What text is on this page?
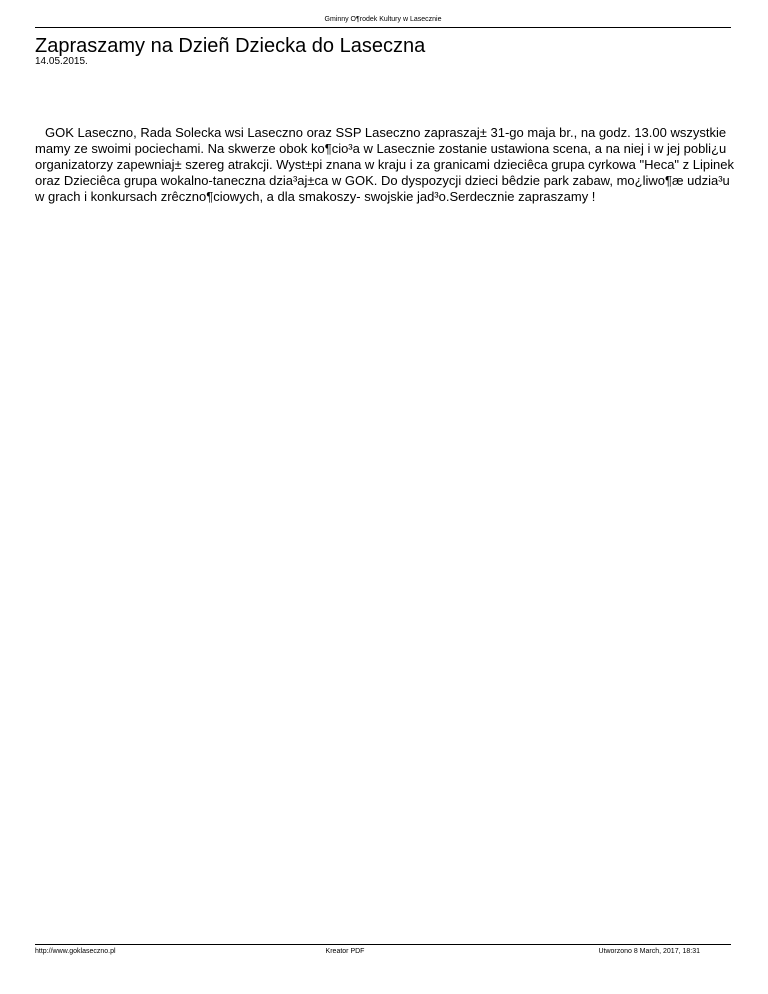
Gminny O¶rodek Kultury w Lasecznie
Zapraszamy na Dzieñ Dziecka do Laseczna
14.05.2015.

GOK Laseczno, Rada Solecka wsi Laseczno oraz SSP Laseczno zapraszaj± 31-go maja br., na godz. 13.00 wszystkie mamy ze swoimi pociechami. Na skwerze obok ko¶cio³a w Lasecznie zostanie ustawiona scena, a na niej i w jej pobli¿u organizatorzy zapewniaj± szereg atrakcji. Wyst±pi znana w kraju i za granicami dzieciêca grupa cyrkowa "Heca" z Lipinek oraz Dzieciêca grupa wokalno-taneczna dzia³aj±ca w GOK. Do dyspozycji dzieci bêdzie park zabaw, mo¿liwo¶æ udzia³u w grach i konkursach zrêczno¶ciowych, a dla smakoszy- swojskie jad³o.Serdecznie zapraszamy !

http://www.goklaseczno.pl	Kreator PDF	Utworzono 8 March, 2017, 18:31
